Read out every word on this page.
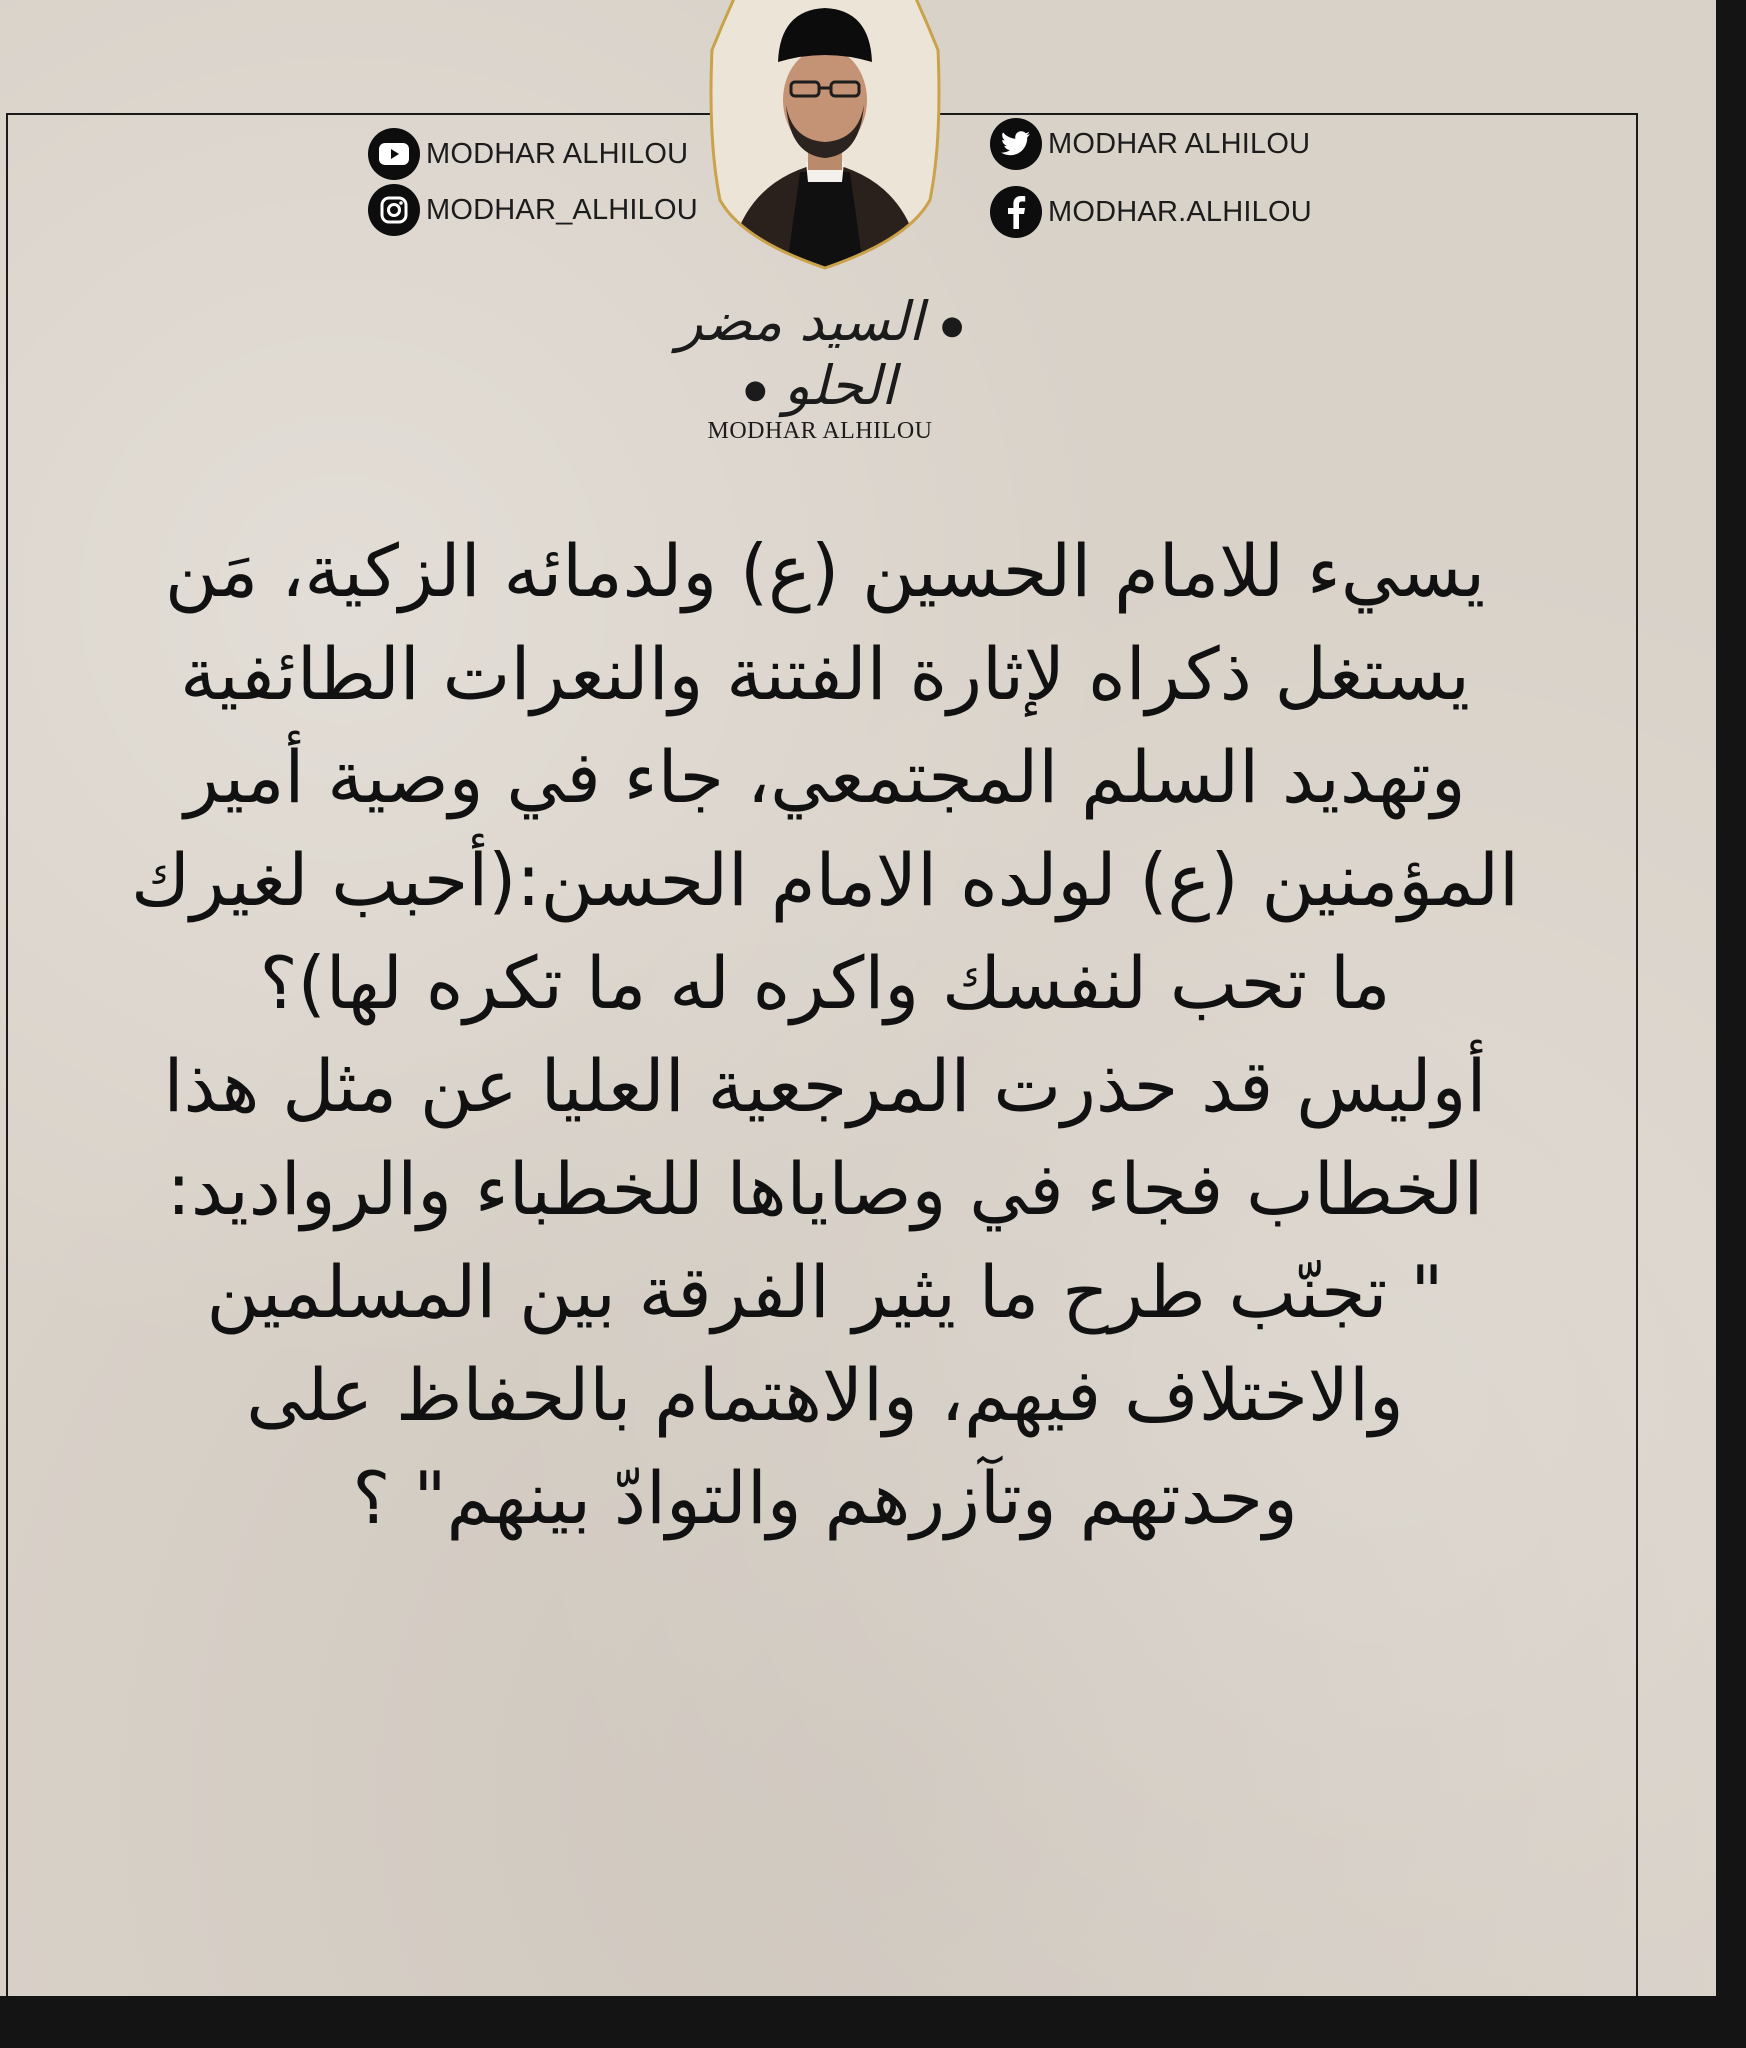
MODHAR ALHILOU
MODHAR_ALHILOU
MODHAR ALHILOU
MODHAR.ALHILOU
● السيد مضر الحلو ●
MODHAR ALHILOU
يسيء للامام الحسين (ع) ولدمائه الزكية، مَن
يستغل ذكراه لإثارة الفتنة والنعرات الطائفية
وتهديد السلم المجتمعي، جاء في وصية أمير
المؤمنين (ع) لولده الامام الحسن:(أحبب لغيرك
ما تحب لنفسك واكره له ما تكره لها)؟
أوليس قد حذرت المرجعية العليا عن مثل هذا
الخطاب فجاء في وصاياها للخطباء والرواديد:
" تجنّب طرح ما يثير الفرقة بين المسلمين
والاختلاف فيهم، والاهتمام بالحفاظ على
وحدتهم وتآزرهم والتوادّ بينهم" ؟
